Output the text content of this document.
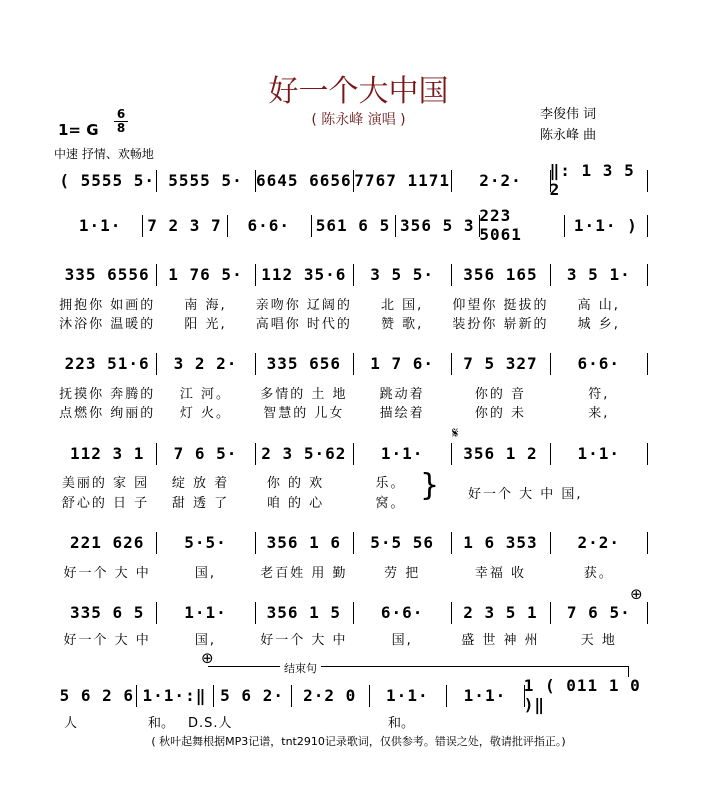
好一个大中国
( 陈永峰 演唱 )	李俊伟 词
陈永峰 曲
1= G
6
8
中速 抒情、欢畅地
( 5555 5· 5555 5· 6645 6656 7767 1171	2·2·	‖: 1 3 5 2
1·1·	7 2 3 7	6·6·	561 6 5 356 5 3 223 5061	1·1· )
335 6556	1 76 5·	112 35·6	3 5 5·	356 165	3 5 1·
拥抱你 如画的	南 海,	亲吻你 辽阔的	北 国,	仰望你 挺拔的	高 山,
沐浴你 温暖的	阳 光,	高唱你 时代的	赞 歌,	装扮你 崭新的	城 乡,
223 51·6	3 2 2·	335 656	1 7 6·	7 5 327	6·6·
抚摸你 奔腾的	江 河。	多情的 土 地	跳动着	你的 音	符,
点燃你 绚丽的	灯 火。	智慧的 儿女	描绘着	你的 未	来,
𝄋
112 3 1	7 6 5·	2 3 5·62	1·1·	356 1 2	1·1·
美丽的 家 园	绽 放 着	你 的 欢	乐。
舒心的 日 子	甜 透 了	咱 的 心	窝。 } 好一个 大 中 国,
221 626	5·5·	356 1 6	5·5 56	1 6 353	2·2·
好一个 大 中	国,	老百姓 用 勤	劳 把	幸福 收	获。
⊕
335 6 5	1·1·	356 1 5	6·6·	2 3 5 1	7 6 5·
好一个 大 中	国,	好一个 大 中	国,	盛 世 神 州	天 地
⊕
结束句
5 6 2 6 1·1·:‖ 5 6 2·	2·2 0	1·1·	1·1·	1 ( 011 1 0 )‖
人	和。 D.S.人	和。
( 秋叶起舞根据MP3记谱，tnt2910记录歌词，仅供参考。错误之处，敬请批评指正。)
